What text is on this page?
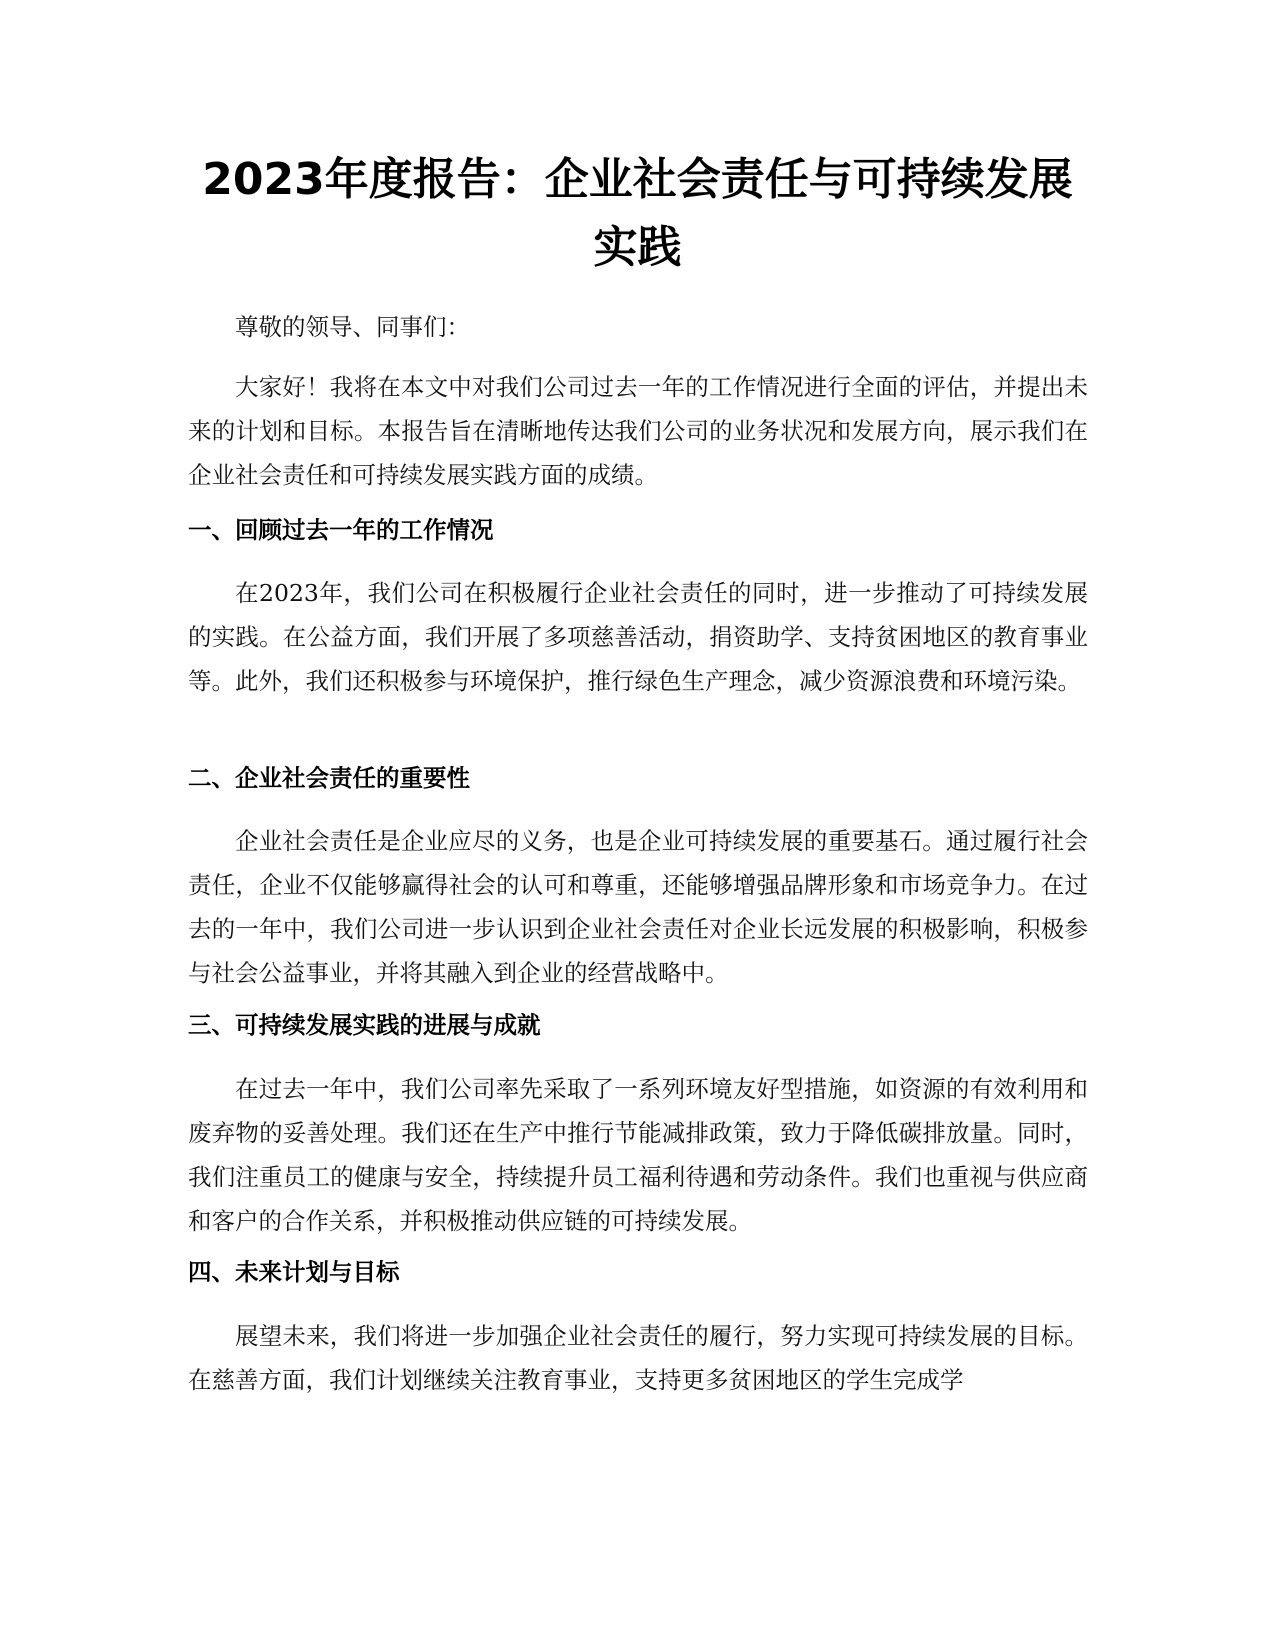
2023年度报告：企业社会责任与可持续发展
实践

尊敬的领导、同事们：

大家好！我将在本文中对我们公司过去一年的工作情况进行全面的评估，并提出未来的计划和目标。本报告旨在清晰地传达我们公司的业务状况和发展方向，展示我们在企业社会责任和可持续发展实践方面的成绩。

一、回顾过去一年的工作情况

在2023年，我们公司在积极履行企业社会责任的同时，进一步推动了可持续发展的实践。在公益方面，我们开展了多项慈善活动，捐资助学、支持贫困地区的教育事业等。此外，我们还积极参与环境保护，推行绿色生产理念，减少资源浪费和环境污染。

二、企业社会责任的重要性

企业社会责任是企业应尽的义务，也是企业可持续发展的重要基石。通过履行社会责任，企业不仅能够赢得社会的认可和尊重，还能够增强品牌形象和市场竞争力。在过去的一年中，我们公司进一步认识到企业社会责任对企业长远发展的积极影响，积极参与社会公益事业，并将其融入到企业的经营战略中。

三、可持续发展实践的进展与成就

在过去一年中，我们公司率先采取了一系列环境友好型措施，如资源的有效利用和废弃物的妥善处理。我们还在生产中推行节能减排政策，致力于降低碳排放量。同时，我们注重员工的健康与安全，持续提升员工福利待遇和劳动条件。我们也重视与供应商和客户的合作关系，并积极推动供应链的可持续发展。

四、未来计划与目标

展望未来，我们将进一步加强企业社会责任的履行，努力实现可持续发展的目标。在慈善方面，我们计划继续关注教育事业，支持更多贫困地区的学生完成学
